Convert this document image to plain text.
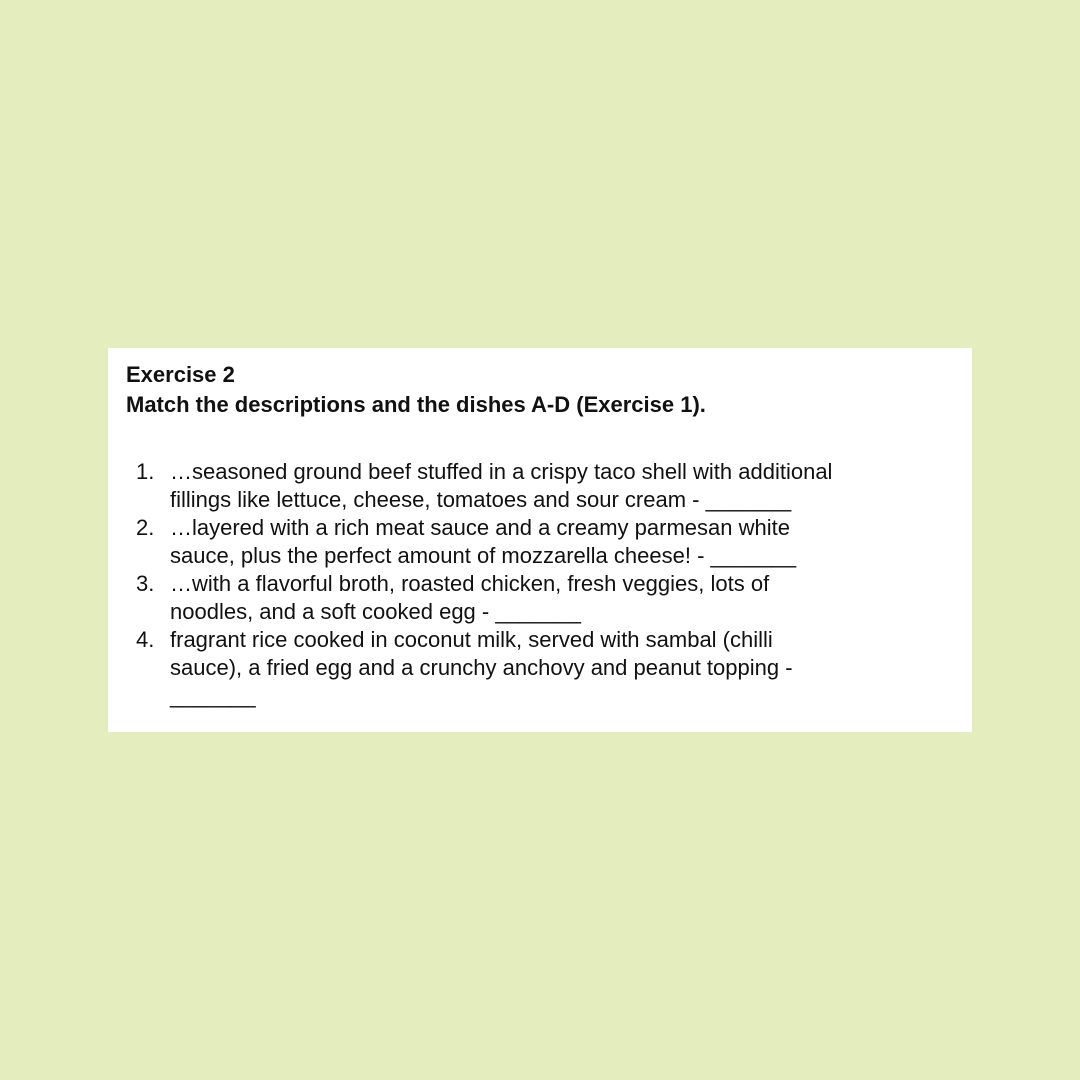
Exercise 2

Match the descriptions and the dishes A-D (Exercise 1).

1. …seasoned ground beef stuffed in a crispy taco shell with additional
fillings like lettuce, cheese, tomatoes and sour cream - _______
2. …layered with a rich meat sauce and a creamy parmesan white
sauce, plus the perfect amount of mozzarella cheese! - _______
3. …with a flavorful broth, roasted chicken, fresh veggies, lots of
noodles, and a soft cooked egg - _______
4. fragrant rice cooked in coconut milk, served with sambal (chilli
sauce), a fried egg and a crunchy anchovy and peanut topping -
_______
